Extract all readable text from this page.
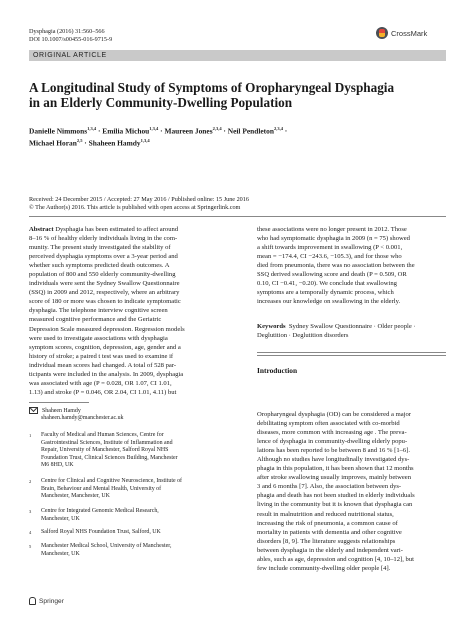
Dysphagia (2016) 31:560–566
DOI 10.1007/s00455-016-9715-9
CrossMark
ORIGINAL ARTICLE
A Longitudinal Study of Symptoms of Oropharyngeal Dysphagia
in an Elderly Community-Dwelling Population
Danielle Nimmons$^{1,3,4}$ · Emilia Michou$^{1,3,4}$ · Maureen Jones$^{2,3,4}$ · Neil Pendleton$^{2,3,4}$ ·
Michael Horan$^{2,5}$ · Shaheen Hamdy$^{1,3,4}$
Received: 24 December 2015 / Accepted: 27 May 2016 / Published online: 15 June 2016
© The Author(s) 2016. This article is published with open access at Springerlink.com
Abstract Dysphagia has been estimated to affect around
8–16 % of healthy elderly individuals living in the com-
munity. The present study investigated the stability of
perceived dysphagia symptoms over a 3-year period and
whether such symptoms predicted death outcomes. A
population of 800 and 550 elderly community-dwelling
individuals were sent the Sydney Swallow Questionnaire
(SSQ) in 2009 and 2012, respectively, where an arbitrary
score of 180 or more was chosen to indicate symptomatic
dysphagia. The telephone interview cognitive screen
measured cognitive performance and the Geriatric
Depression Scale measured depression. Regression models
were used to investigate associations with dysphagia
symptom scores, cognition, depression, age, gender and a
history of stroke; a paired t test was used to examine if
individual mean scores had changed. A total of 528 par-
ticipants were included in the analysis. In 2009, dysphagia
was associated with age (P = 0.028, OR 1.07, CI 1.01,
1.13) and stroke (P = 0.046, OR 2.04, CI 1.01, 4.11) but
Shaheen Hamdy
shaheen.hamdy@manchester.ac.uk
1 Faculty of Medical and Human Sciences, Centre for
Gastrointestinal Sciences, Institute of Inflammation and
Repair, University of Manchester, Salford Royal NHS
Foundation Trust, Clinical Sciences Building, Manchester
M6 8HD, UK
2 Centre for Clinical and Cognitive Neuroscience, Institute of
Brain, Behaviour and Mental Health, University of
Manchester, Manchester, UK
3 Centre for Integrated Genomic Medical Research,
Manchester, UK
4 Salford Royal NHS Foundation Trust, Salford, UK
5 Manchester Medical School, University of Manchester,
Manchester, UK
these associations were no longer present in 2012. Those
who had symptomatic dysphagia in 2009 (n = 75) showed
a shift towards improvement in swallowing (P < 0.001,
mean = −174.4, CI −243.6, −105.3), and for those who
died from pneumonia, there was no association between the
SSQ derived swallowing score and death (P = 0.509, OR
0.10, CI −0.41, −0.20). We conclude that swallowing
symptoms are a temporally dynamic process, which
increases our knowledge on swallowing in the elderly.
Keywords Sydney Swallow Questionnaire · Older people ·
Deglutition · Deglutition disorders
Introduction
Oropharyngeal dysphagia (OD) can be considered a major
debilitating symptom often associated with co-morbid
diseases, more common with increasing age . The preva-
lence of dysphagia in community-dwelling elderly popu-
lations has been reported to be between 8 and 16 % [1–6].
Although no studies have longitudinally investigated dys-
phagia in this population, it has been shown that 12 months
after stroke swallowing usually improves, mainly between
3 and 6 months [7]. Also, the association between dys-
phagia and death has not been studied in elderly individuals
living in the community but it is known that dysphagia can
result in malnutrition and reduced nutritional status,
increasing the risk of pneumonia, a common cause of
mortality in patients with dementia and other cognitive
disorders [8, 9]. The literature suggests relationships
between dysphagia in the elderly and independent vari-
ables, such as age, depression and cognition [4, 10–12], but
few include community-dwelling older people [4].
Springer
